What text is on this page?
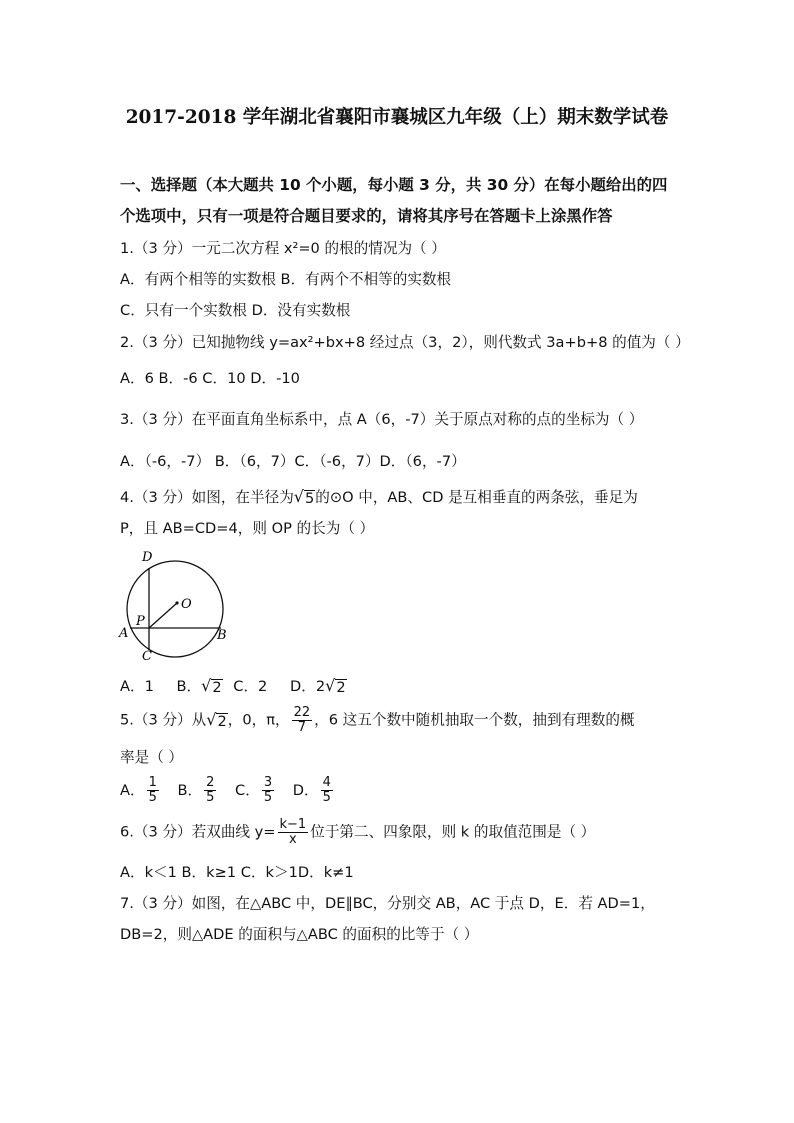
2017-2018 学年湖北省襄阳市襄城区九年级（上）期末数学试卷
一、选择题（本大题共 10 个小题，每小题 3 分，共 30 分）在每小题给出的四
个选项中，只有一项是符合题目要求的，请将其序号在答题卡上涂黑作答
1.（3 分）一元二次方程 x²=0 的根的情况为（ ）
A．有两个相等的实数根 B．有两个不相等的实数根
C．只有一个实数根 D．没有实数根
2.（3 分）已知抛物线 y=ax²+bx+8 经过点（3，2），则代数式 3a+b+8 的值为（ ）
A．6 B．-6 C．10 D．-10
3.（3 分）在平面直角坐标系中，点 A（6，-7）关于原点对称的点的坐标为（ ）
A．（-6，-7） B．（6，7）C．（-6，7）D．（6，-7）
4.（3 分）如图，在半径为 √ 5 的⊙O 中，AB、CD 是互相垂直的两条弦，垂足为
P，且 AB=CD=4，则 OP 的长为（ ）
D
O
P
A	B
C
A．1 B． √ 2 C．2 D．2 √ 2
5.（3 分）从 √ 2 ，0，π， $\frac{22}{7}$ ，6 这五个数中随机抽取一个数，抽到有理数的概
率是（ ）
A． $\frac{1}{5}$ B． $\frac{2}{5}$ C． $\frac{3}{5}$ D． $\frac{4}{5}$
6.（3 分）若双曲线 $y= \frac{k-1}{x}$ 位于第二、四象限，则 k 的取值范围是（ ）
A．k＜1 B．k≥1 C．k＞1D．k≠1
7.（3 分）如图，在△ABC 中，DE∥BC，分别交 AB，AC 于点 D，E．若 AD=1，
DB=2，则△ADE 的面积与△ABC 的面积的比等于（ ）
